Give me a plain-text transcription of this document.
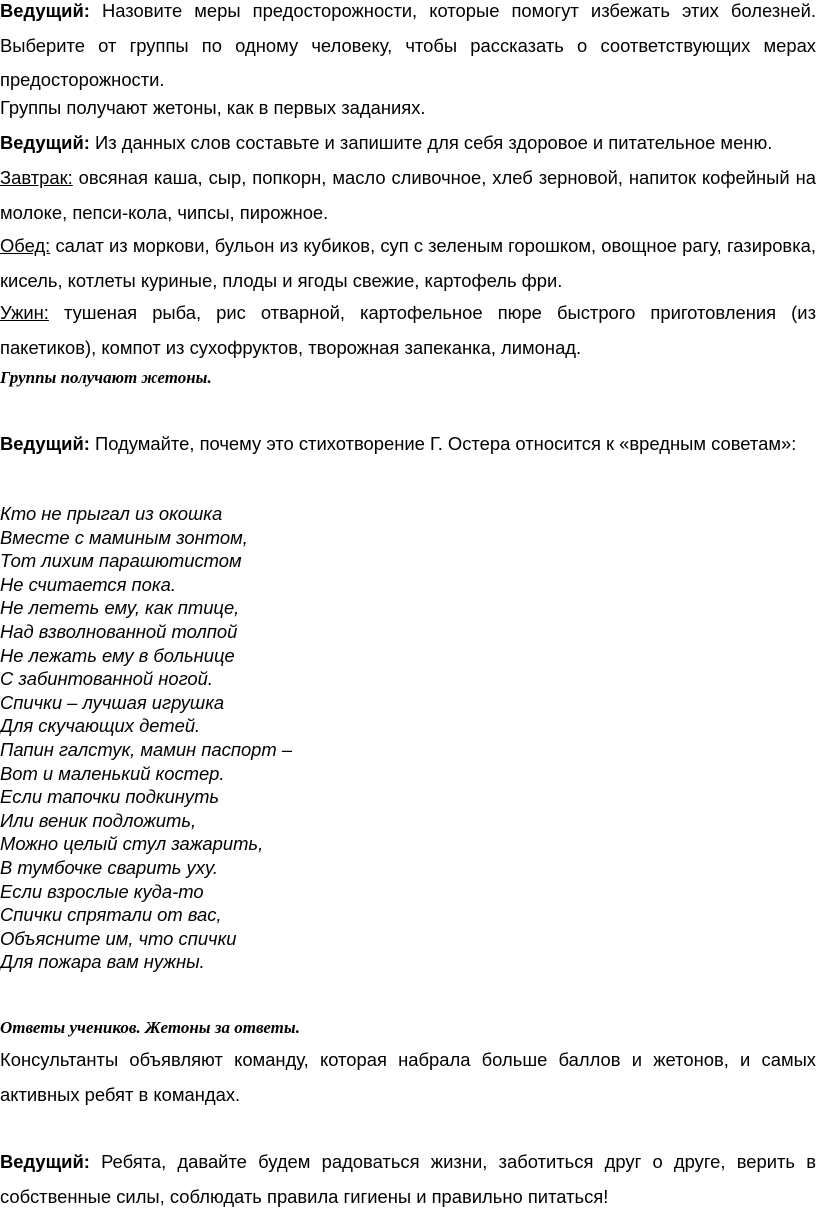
Ведущий: Назовите меры предосторожности, которые помогут избежать этих болезней. Выберите от группы по одному человеку, чтобы рассказать о соответствующих мерах предосторожности.

Группы получают жетоны, как в первых заданиях.

Ведущий: Из данных слов составьте и запишите для себя здоровое и питательное меню.

Завтрак: овсяная каша, сыр, попкорн, масло сливочное, хлеб зерновой, напиток кофейный на молоке, пепси-кола, чипсы, пирожное.

Обед: салат из моркови, бульон из кубиков, суп с зеленым горошком, овощное рагу, газировка, кисель, котлеты куриные, плоды и ягоды свежие, картофель фри.

Ужин: тушеная рыба, рис отварной, картофельное пюре быстрого приготовления (из пакетиков), компот из сухофруктов, творожная запеканка, лимонад.

Группы получают жетоны.

Ведущий: Подумайте, почему это стихотворение Г. Остера относится к «вредным советам»:

Кто не прыгал из окошка
Вместе с маминым зонтом,
Тот лихим парашютистом
Не считается пока.
Не лететь ему, как птице,
Над взволнованной толпой
Не лежать ему в больнице
С забинтованной ногой.
Спички – лучшая игрушка
Для скучающих детей.
Папин галстук, мамин паспорт –
Вот и маленький костер.
Если тапочки подкинуть
Или веник подложить,
Можно целый стул зажарить,
В тумбочке сварить уху.
Если взрослые куда-то
Спички спрятали от вас,
Объясните им, что спички
Для пожара вам нужны.

Ответы учеников. Жетоны за ответы.

Консультанты объявляют команду, которая набрала больше баллов и жетонов, и самых активных ребят в командах.

Ведущий: Ребята, давайте будем радоваться жизни, заботиться друг о друге, верить в собственные силы, соблюдать правила гигиены и правильно питаться!
